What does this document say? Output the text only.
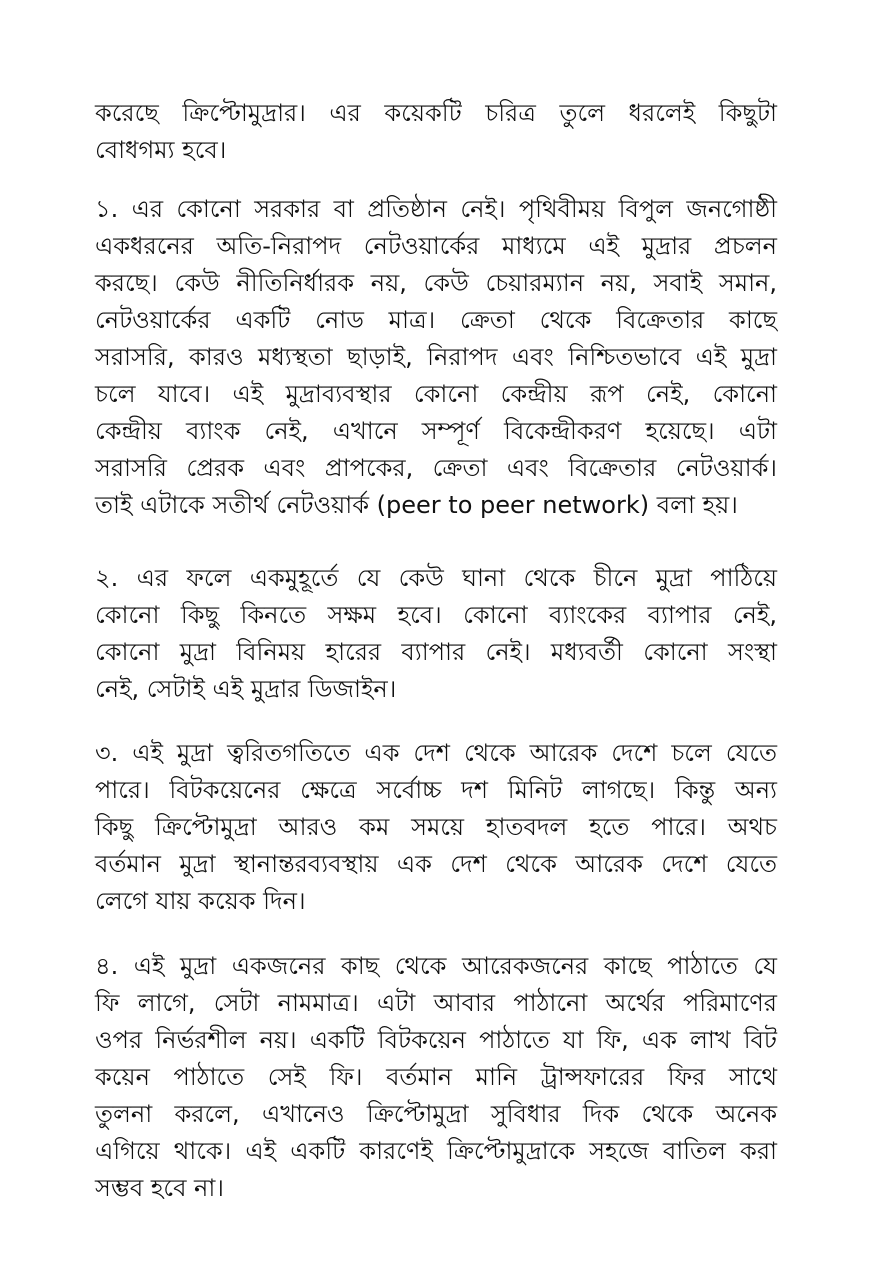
করেছে ক্রিপ্টোমুদ্রার। এর কয়েকটি চরিত্র তুলে ধরলেই কিছুটা
বোধগম্য হবে।
১. এর কোনো সরকার বা প্রতিষ্ঠান নেই। পৃথিবীময় বিপুল জনগোষ্ঠী
একধরনের অতি-নিরাপদ নেটওয়ার্কের মাধ্যমে এই মুদ্রার প্রচলন
করছে। কেউ নীতিনির্ধারক নয়, কেউ চেয়ারম্যান নয়, সবাই সমান,
নেটওয়ার্কের একটি নোড মাত্র। ক্রেতা থেকে বিক্রেতার কাছে
সরাসরি, কারও মধ্যস্থতা ছাড়াই, নিরাপদ এবং নিশ্চিতভাবে এই মুদ্রা
চলে যাবে। এই মুদ্রাব্যবস্থার কোনো কেন্দ্রীয় রূপ নেই, কোনো
কেন্দ্রীয় ব্যাংক নেই, এখানে সম্পূর্ণ বিকেন্দ্রীকরণ হয়েছে। এটা
সরাসরি প্রেরক এবং প্রাপকের, ক্রেতা এবং বিক্রেতার নেটওয়ার্ক।
তাই এটাকে সতীর্থ নেটওয়ার্ক (peer to peer network) বলা হয়।
২. এর ফলে একমুহূর্তে যে কেউ ঘানা থেকে চীনে মুদ্রা পাঠিয়ে
কোনো কিছু কিনতে সক্ষম হবে। কোনো ব্যাংকের ব্যাপার নেই,
কোনো মুদ্রা বিনিময় হারের ব্যাপার নেই। মধ্যবর্তী কোনো সংস্থা
নেই, সেটাই এই মুদ্রার ডিজাইন।
৩. এই মুদ্রা ত্বরিতগতিতে এক দেশ থেকে আরেক দেশে চলে যেতে
পারে। বিটকয়েনের ক্ষেত্রে সর্বোচ্চ দশ মিনিট লাগছে। কিন্তু অন্য
কিছু ক্রিপ্টোমুদ্রা আরও কম সময়ে হাতবদল হতে পারে। অথচ
বর্তমান মুদ্রা স্থানান্তরব্যবস্থায় এক দেশ থেকে আরেক দেশে যেতে
লেগে যায় কয়েক দিন।
৪. এই মুদ্রা একজনের কাছ থেকে আরেকজনের কাছে পাঠাতে যে
ফি লাগে, সেটা নামমাত্র। এটা আবার পাঠানো অর্থের পরিমাণের
ওপর নির্ভরশীল নয়। একটি বিটকয়েন পাঠাতে যা ফি, এক লাখ বিট
কয়েন পাঠাতে সেই ফি। বর্তমান মানি ট্রান্সফারের ফির সাথে
তুলনা করলে, এখানেও ক্রিপ্টোমুদ্রা সুবিধার দিক থেকে অনেক
এগিয়ে থাকে। এই একটি কারণেই ক্রিপ্টোমুদ্রাকে সহজে বাতিল করা
সম্ভব হবে না।
